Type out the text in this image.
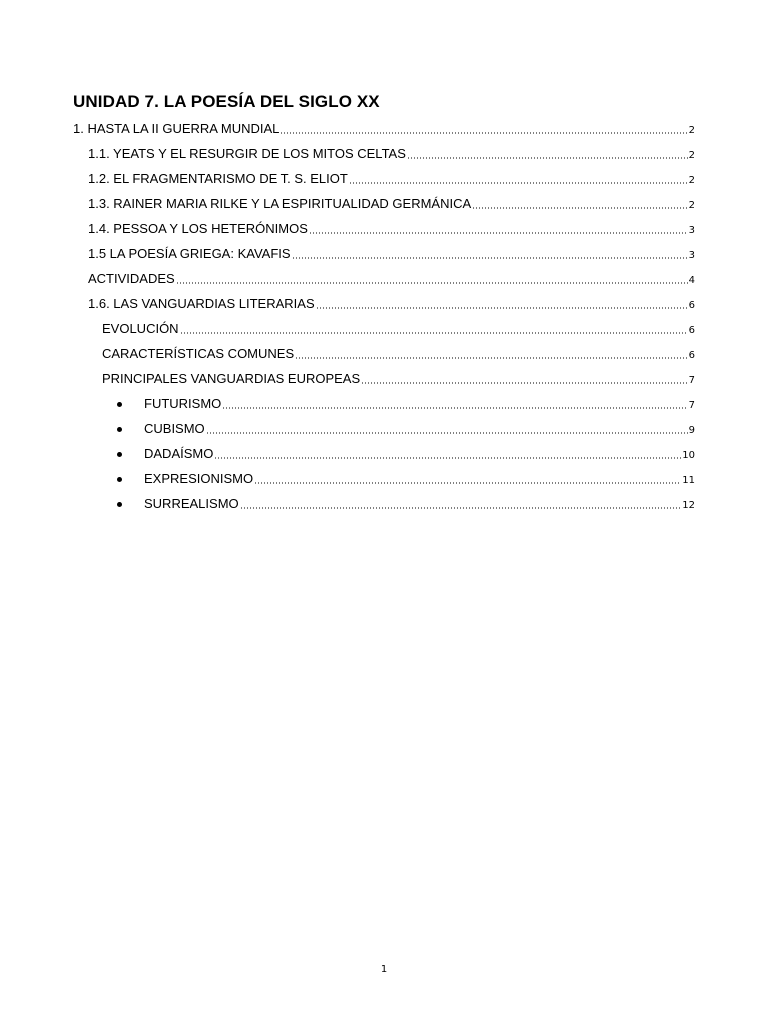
UNIDAD 7. LA POESÍA DEL SIGLO XX
1. HASTA LA II GUERRA MUNDIAL	2
1.1. YEATS Y EL RESURGIR DE LOS MITOS CELTAS	2
1.2. EL FRAGMENTARISMO DE T. S. ELIOT	2
1.3. RAINER MARIA RILKE Y LA ESPIRITUALIDAD GERMÁNICA	2
1.4. PESSOA Y LOS HETERÓNIMOS	3
1.5 LA POESÍA GRIEGA: KAVAFIS	3
ACTIVIDADES	4
1.6. LAS VANGUARDIAS LITERARIAS	6
EVOLUCIÓN	6
CARACTERÍSTICAS COMUNES	6
PRINCIPALES VANGUARDIAS EUROPEAS	7
FUTURISMO	7
CUBISMO	9
DADAÍSMO	10
EXPRESIONISMO	11
SURREALISMO	12
1
